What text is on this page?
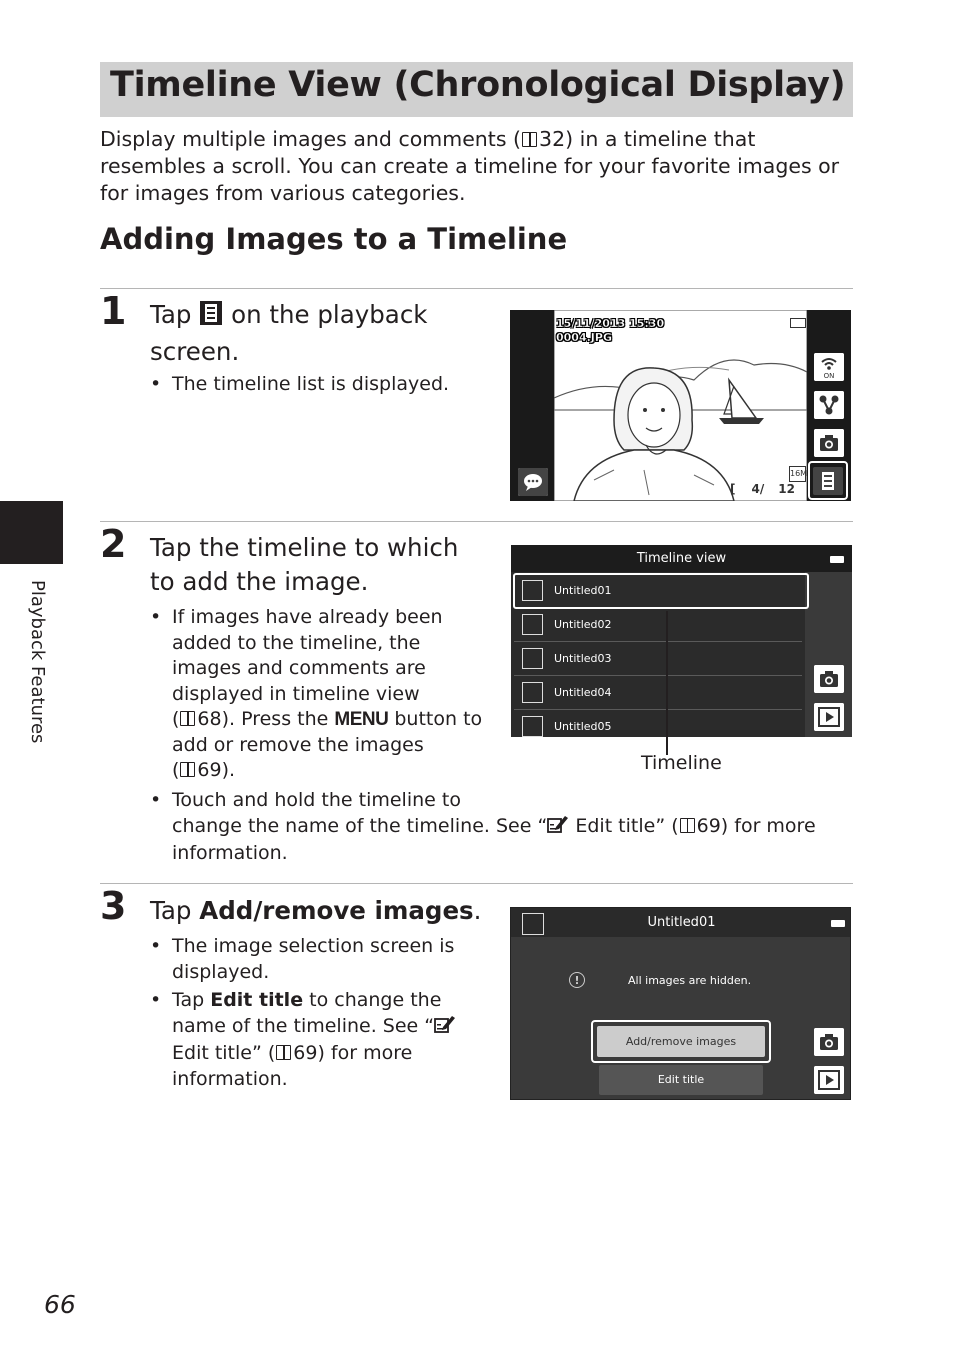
Timeline View (Chronological Display)
Display multiple images and comments ( 32) in a timeline that resembles a scroll. You can create a timeline for your favorite images or for images from various categories.
Adding Images to a Timeline
1 Tap on the playback
screen.
• The timeline list is displayed.
15/11/2013 15:30
0004.JPG
[ 4/ 12
16M
ON
2 Tap the timeline to which
to add the image.
• If images have already been
added to the timeline, the
images and comments are
displayed in timeline view
( 68). Press the MENU button to
add or remove the images
( 69).
• Touch and hold the timeline to
change the name of the timeline. See “ Edit title” ( 69) for more
information.
Timeline view
Untitled01
Untitled02
Untitled03
Untitled04
Untitled05
Timeline
3 Tap Add/remove images.
• The image selection screen is
displayed.
• Tap Edit title to change the
name of the timeline. See “
Edit title” ( 69) for more
information.
Untitled01
!	All images are hidden.
Add/remove images
Edit title
Playback Features
66
